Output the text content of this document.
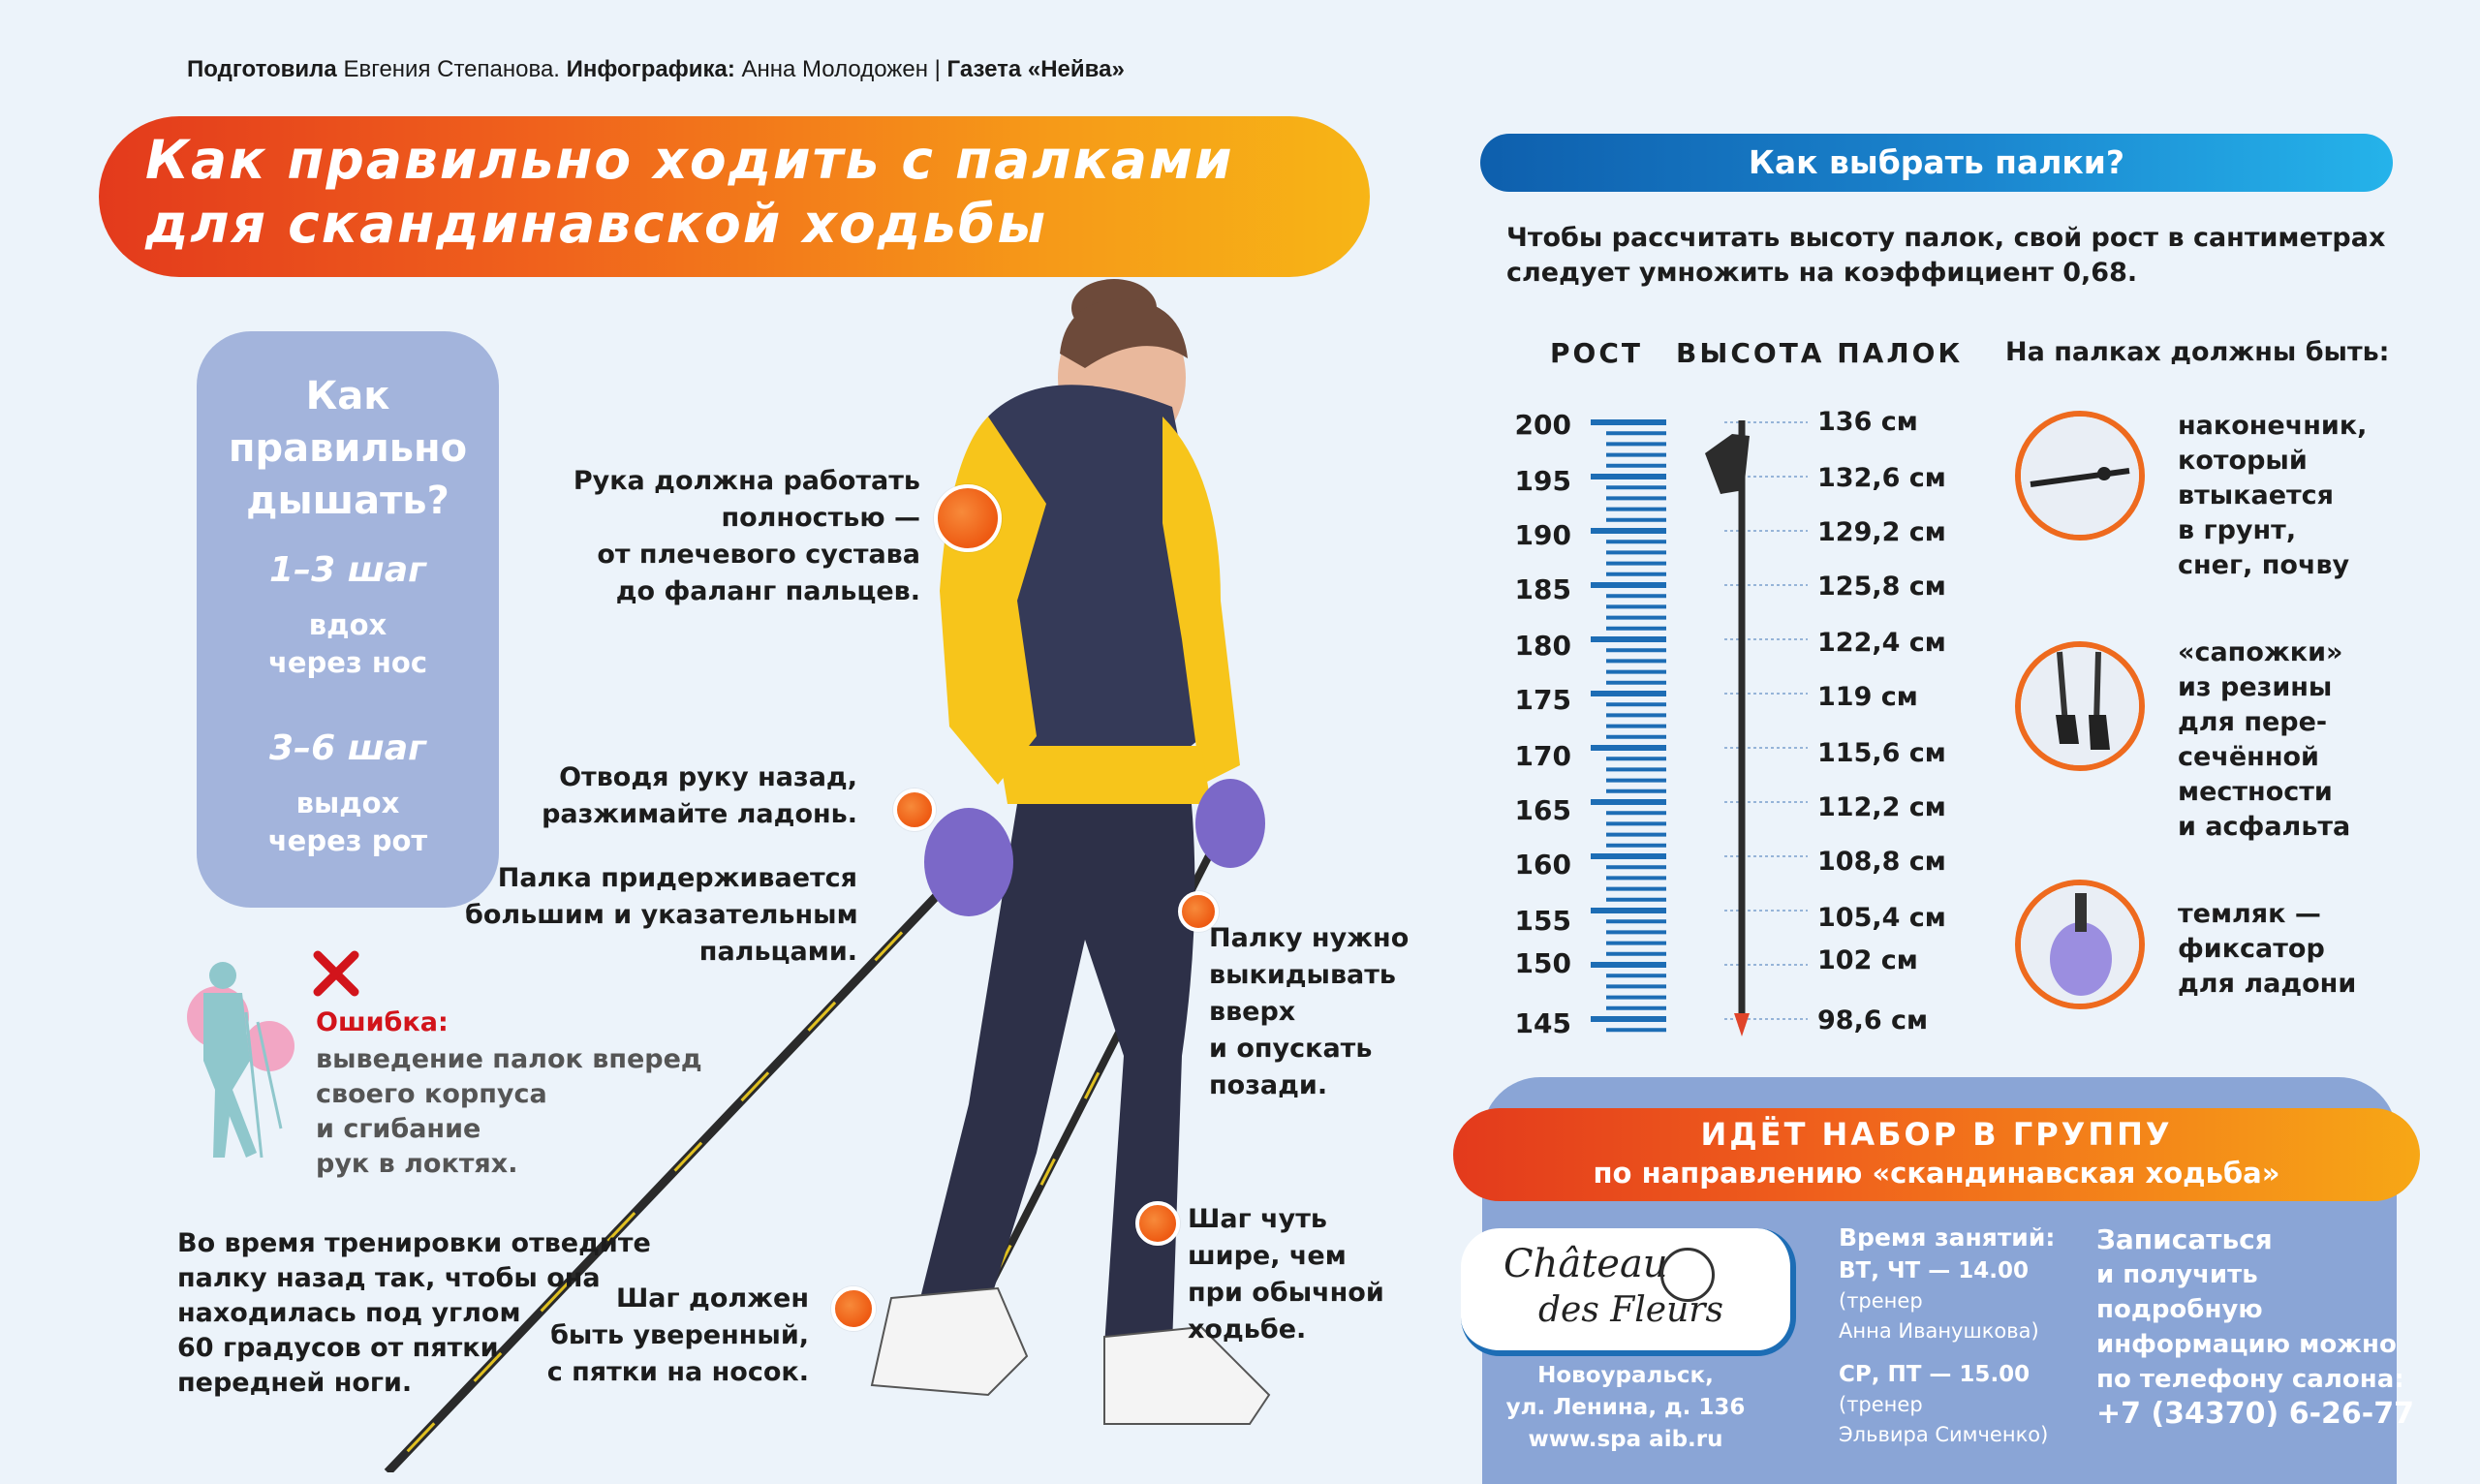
Подготовила Евгения Степанова. Инфографика: Анна Молодожен | Газета «Нейва»
Как правильно ходить с палками
для скандинавской ходьбы
Как
правильно
дышать?
1–3 шаг
вдох
через нос
3–6 шаг
выдох
через рот
Рука должна работать
полностью —
от плечевого сустава
до фаланг пальцев.
Отводя руку назад,
разжимайте ладонь.
Палка придерживается
большим и указательным
пальцами.	Палку нужно
выкидывать
вверх
и опускать
позади.
Шаг чуть
шире, чем
при обычной
ходьбе.
Шаг должен
быть уверенный,
с пятки на носок.
Во время тренировки отведите
палку назад так, чтобы она
находилась под углом
60 градусов от пятки
передней ноги.
Ошибка:
выведение палок вперед
своего корпуса
и сгибание
рук в локтях.
Как выбрать палки?
Чтобы рассчитать высоту палок, свой рост в сантиметрах
следует умножить на коэффициент 0,68.
РОСТ ВЫСОТА ПАЛОК На палках должны быть:
200
195
190
185
180
175
170
165
160
155
150
145
136 см
132,6 см
129,2 см
125,8 см
122,4 см
119 см
115,6 см
112,2 см
108,8 см
105,4 см
102 см
98,6 см
наконечник,
который
втыкается
в грунт,
снег, почву
«сапожки»
из резины
для пере-
сечённой
местности
и асфальта
темляк —
фиксатор
для ладони
ИДЁТ НАБОР В ГРУППУ
по направлению «скандинавская ходьба»
Château
des Fleurs
Новоуральск,
ул. Ленина, д. 136
www.spa aib.ru
Время занятий:
ВТ, ЧТ — 14.00
(тренер
Анна Иванушкова)
СР, ПТ — 15.00
(тренер
Эльвира Симченко)
Записаться
и получить
подробную
информацию можно
по телефону салона:
+7 (34370) 6-26-77
